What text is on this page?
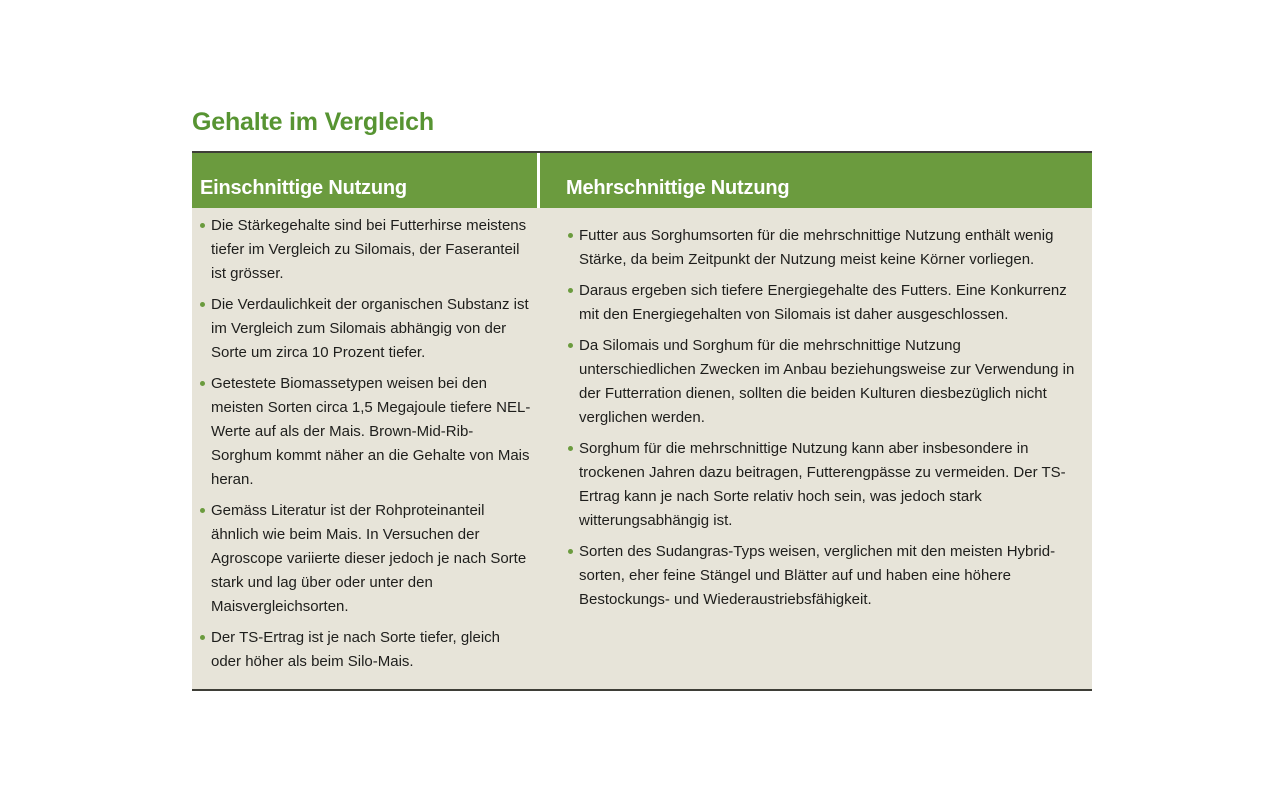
Gehalte im Vergleich
Einschnittige Nutzung	Mehrschnittige Nutzung
Die Stärkegehalte sind bei Futterhirse meistens tiefer im Vergleich zu Silomais, der Faseranteil ist grösser.
Die Verdaulichkeit der organischen Substanz ist im Vergleich zum Silomais abhängig von der Sorte um zirca 10 Prozent tiefer.
Getestete Biomassetypen weisen bei den meisten Sorten circa 1,5 Megajoule tiefere NEL-Werte auf als der Mais. Brown-Mid-Rib-Sorghum kommt näher an die Gehalte von Mais heran.
Gemäss Literatur ist der Rohproteinanteil ähnlich wie beim Mais. In Versuchen der Agroscope variierte dieser jedoch je nach Sorte stark und lag über oder unter den Maisvergleichsorten.
Der TS-Ertrag ist je nach Sorte tiefer, gleich oder höher als beim Silo-Mais.
Futter aus Sorghumsorten für die mehrschnittige Nutzung enthält wenig Stärke, da beim Zeitpunkt der Nutzung meist keine Körner vorliegen.
Daraus ergeben sich tiefere Energiegehalte des Futters. Eine Konkurrenz mit den Energiegehalten von Silomais ist daher ausgeschlossen.
Da Silomais und Sorghum für die mehrschnittige Nutzung unterschiedlichen Zwecken im Anbau beziehungsweise zur Verwendung in der Futterration dienen, sollten die beiden Kulturen diesbezüglich nicht verglichen werden.
Sorghum für die mehrschnittige Nutzung kann aber insbesondere in trockenen Jahren dazu beitragen, Futterengpässe zu vermeiden. Der TS-Ertrag kann je nach Sorte relativ hoch sein, was jedoch stark witterungsabhängig ist.
Sorten des Sudangras-Typs weisen, verglichen mit den meisten Hybridsorten, eher feine Stängel und Blätter auf und haben eine höhere Bestockungs- und Wiederaustriebsfähigkeit.
